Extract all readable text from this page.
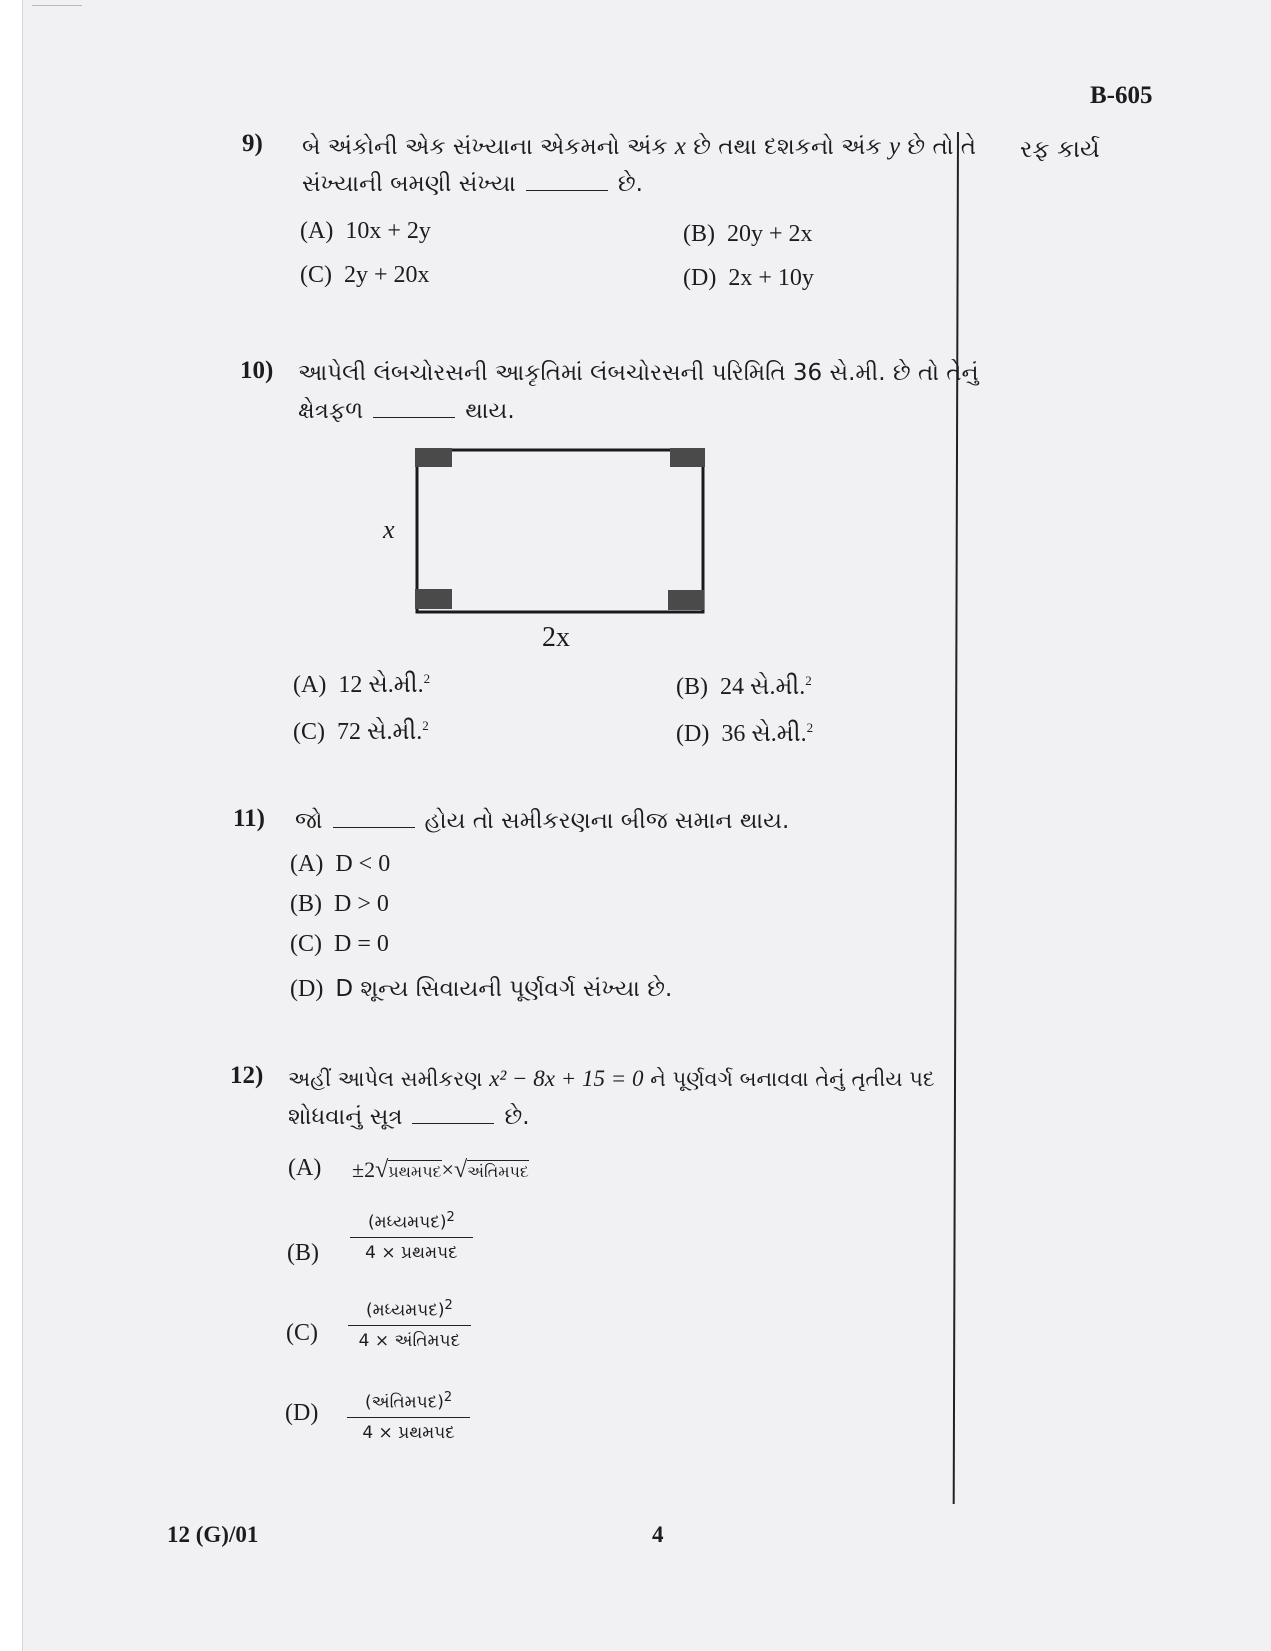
B-605
રફ કાર્ય
9) બે અંકોની એક સંખ્યાના એકમનો અંક x છે તથા દશકનો અંક y છે તો તે
સંખ્યાની બમણી સંખ્યા	છે.
(A) 10x + 2y	(B) 20y + 2x
(C) 2y + 20x	(D) 2x + 10y
10) આપેલી લંબચોરસની આકૃતિમાં લંબચોરસની પરિમિતિ 36 સે.મી. છે તો તેનું
ક્ષેત્રફળ	થાય.
x
2x
(A) 12 સે.મી.$^2$	(B) 24 સે.મી.$^2$
(C) 72 સે.મી.$^2$	(D) 36 સે.મી.$^2$
11) જો	હોય તો સમીકરણના બીજ સમાન થાય.
(A) D < 0
(B) D > 0
(C) D = 0
(D) D શૂન્ય સિવાયની પૂર્ણવર્ગ સંખ્યા છે.
12) અહીં આપેલ સમીકરણ x² − 8x + 15 = 0 ને પૂર્ણવર્ગ બનાવવા તેનું તૃતીય પદ
શોધવાનું સૂત્ર	છે.
(A) ±2√પ્રથમપદ×√અંતિમપદ
(B)
(મધ્યમપદ)$^2$
4 × પ્રથમપદ
(C)
(મધ્યમપદ)$^2$
4 × અંતિમપદ
(D)	(અંતિમપદ)$^2$
4 × પ્રથમપદ
12 (G)/01	4
